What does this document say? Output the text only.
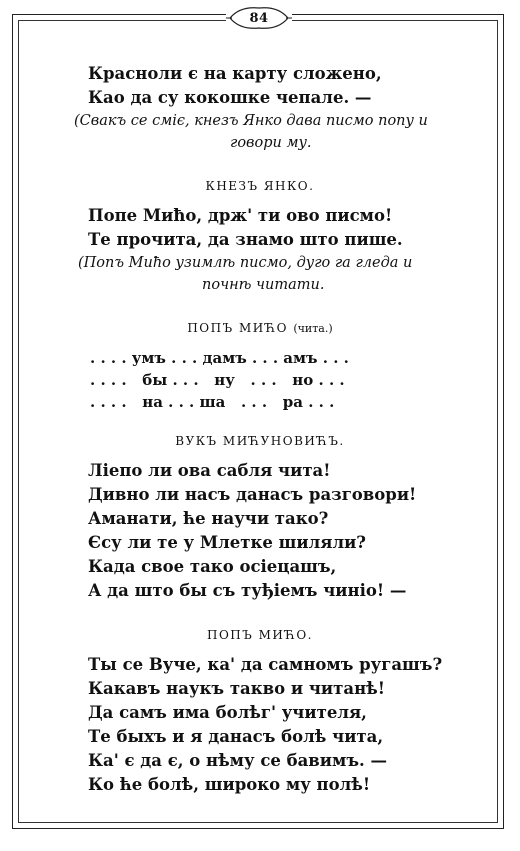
84
Красноли є на карту сложено,
Као да су кокошке чепале. —
(Свакъ се сміє, кнезъ Янко дава писмо попу и
говори му.
КНЕЗЪ ЯНКО.
Попе Миħо, држ' ти ово писмо!
Те прочита, да знамо што пише.
(Попъ Миħо узимлѣ писмо, дуго га гледа и
почнѣ читати.
ПОПЪ МИЋО (чита.)
. . . . умъ . . . дамъ . . . амъ . . .
. . . .   бы . . .   ну   . . .   но . . .
. . . .   на . . . ша   . . .   ра . . .
ВУКЪ МИЋУНОВИЋЪ.
Лiепо ли ова сабля чита!
Дивно ли насъ данасъ разговори!
Аманати, ће научи тако?
Єсу ли те у Млетке шиляли?
Када свое тако осiецашъ,
А да што бы съ туђiемъ чиніо! —
ПОПЪ МИЋО.
Ты се Вуче, ка' да самномъ ругашъ?
Какавъ наукъ такво и читанѣ!
Да самъ има болѣг' учителя,
Те быхъ и я данасъ болѣ чита,
Ка' є да є, о нѣму се бавимъ. —
Ко ће болѣ, широко му полѣ!
